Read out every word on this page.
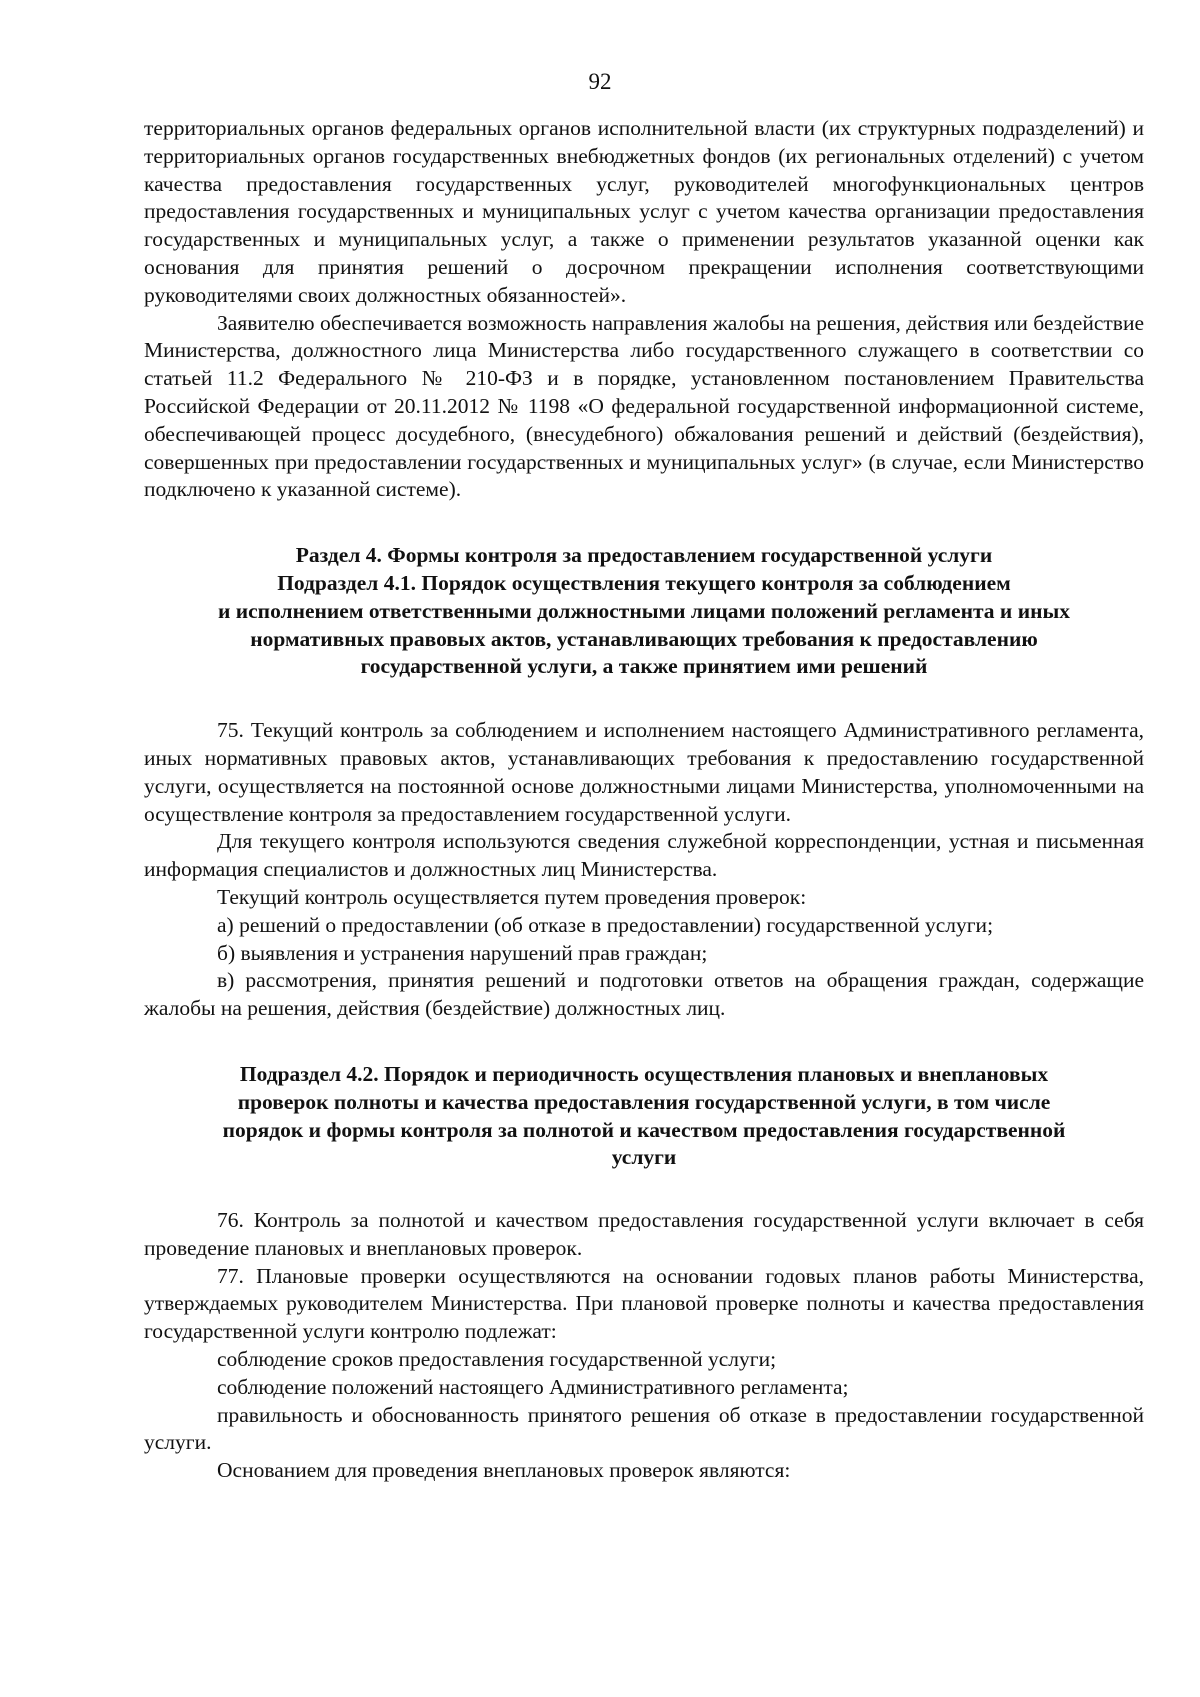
92

территориальных органов федеральных органов исполнительной власти (их структурных подразделений) и территориальных органов государственных внебюджетных фондов (их региональных отделений) с учетом качества предоставления государственных услуг, руководителей многофункциональных центров предоставления государственных и муниципальных услуг с учетом качества организации предоставления государственных и муниципальных услуг, а также о применении результатов указанной оценки как основания для принятия решений о досрочном прекращении исполнения соответствующими руководителями своих должностных обязанностей».

Заявителю обеспечивается возможность направления жалобы на решения, действия или бездействие Министерства, должностного лица Министерства либо государственного служащего в соответствии со статьей 11.2 Федерального № 210-ФЗ и в порядке, установленном постановлением Правительства Российской Федерации от 20.11.2012 № 1198 «О федеральной государственной информационной системе, обеспечивающей процесс досудебного, (внесудебного) обжалования решений и действий (бездействия), совершенных при предоставлении государственных и муниципальных услуг» (в случае, если Министерство подключено к указанной системе).

Раздел 4. Формы контроля за предоставлением государственной услуги
Подраздел 4.1. Порядок осуществления текущего контроля за соблюдением
и исполнением ответственными должностными лицами положений регламента и иных
нормативных правовых актов, устанавливающих требования к предоставлению
государственной услуги, а также принятием ими решений

75. Текущий контроль за соблюдением и исполнением настоящего Административного регламента, иных нормативных правовых актов, устанавливающих требования к предоставлению государственной услуги, осуществляется на постоянной основе должностными лицами Министерства, уполномоченными на осуществление контроля за предоставлением государственной услуги.

Для текущего контроля используются сведения служебной корреспонденции, устная и письменная информация специалистов и должностных лиц Министерства.

Текущий контроль осуществляется путем проведения проверок:

а) решений о предоставлении (об отказе в предоставлении) государственной услуги;

б) выявления и устранения нарушений прав граждан;

в) рассмотрения, принятия решений и подготовки ответов на обращения граждан, содержащие жалобы на решения, действия (бездействие) должностных лиц.

Подраздел 4.2. Порядок и периодичность осуществления плановых и внеплановых
проверок полноты и качества предоставления государственной услуги, в том числе
порядок и формы контроля за полнотой и качеством предоставления государственной
услуги

76. Контроль за полнотой и качеством предоставления государственной услуги включает в себя проведение плановых и внеплановых проверок.

77. Плановые проверки осуществляются на основании годовых планов работы Министерства, утверждаемых руководителем Министерства. При плановой проверке полноты и качества предоставления государственной услуги контролю подлежат:

соблюдение сроков предоставления государственной услуги;

соблюдение положений настоящего Административного регламента;

правильность и обоснованность принятого решения об отказе в предоставлении государственной услуги.

Основанием для проведения внеплановых проверок являются:
